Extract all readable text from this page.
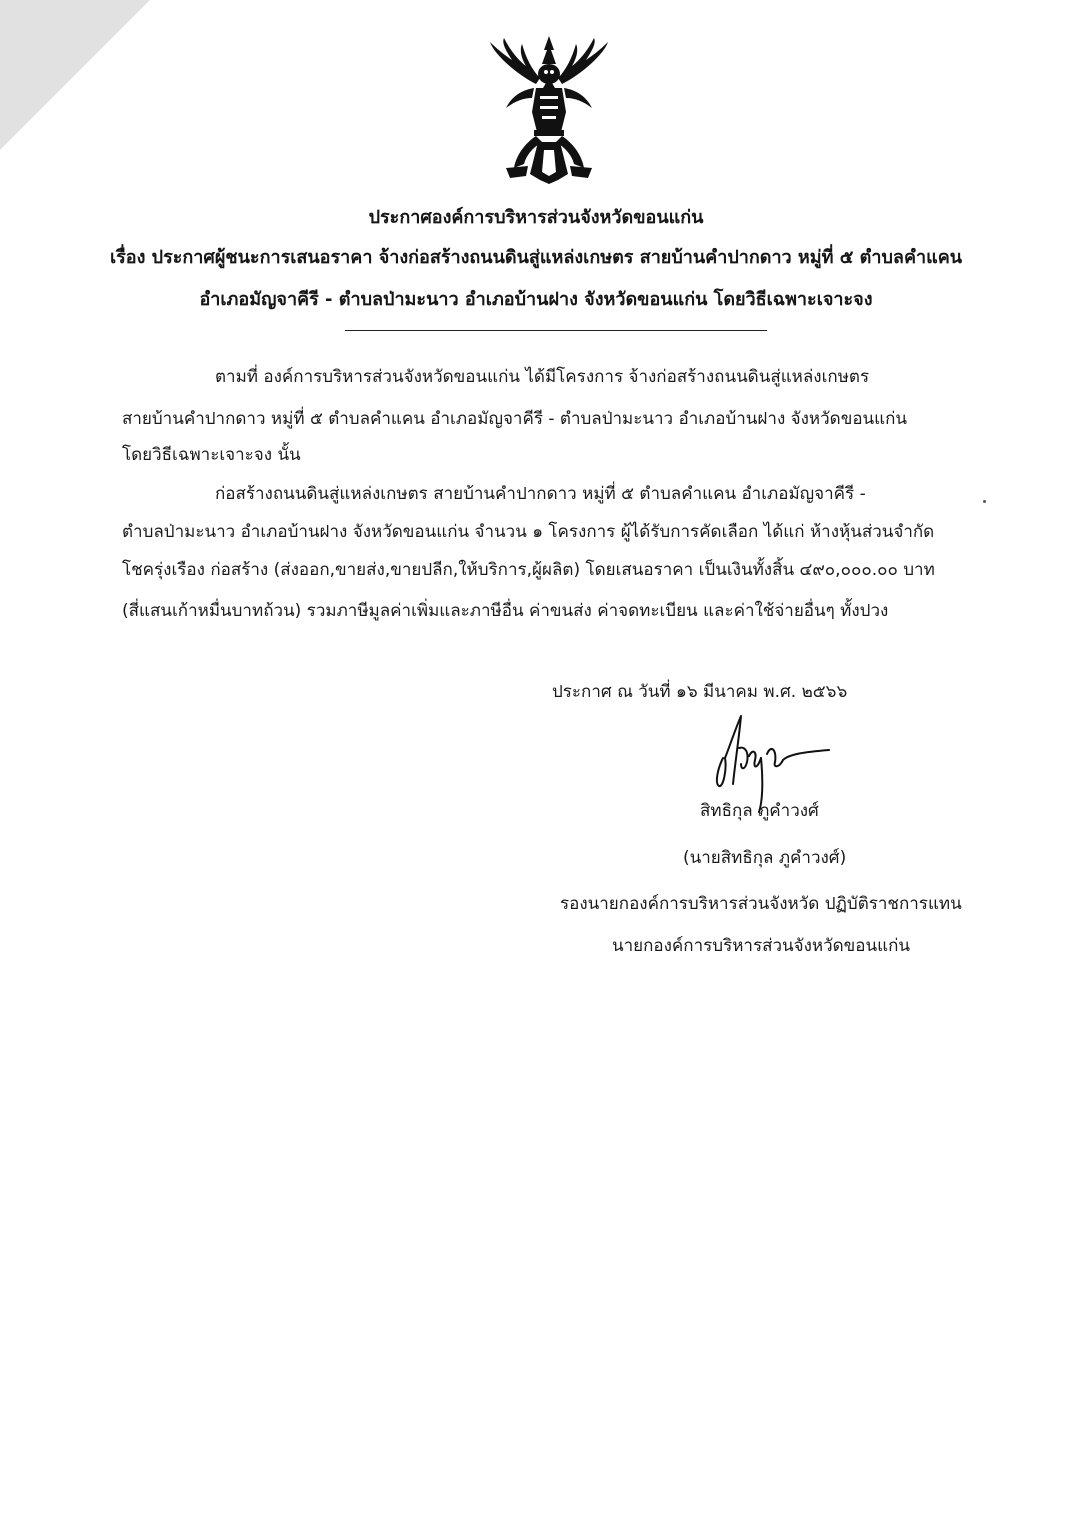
ประกาศองค์การบริหารส่วนจังหวัดขอนแก่น
เรื่อง ประกาศผู้ชนะการเสนอราคา จ้างก่อสร้างถนนดินสู่แหล่งเกษตร สายบ้านคำปากดาว หมู่ที่ ๕ ตำบลคำแคน
อำเภอมัญจาคีรี - ตำบลป่ามะนาว อำเภอบ้านฝาง จังหวัดขอนแก่น โดยวิธีเฉพาะเจาะจง
ตามที่ องค์การบริหารส่วนจังหวัดขอนแก่น ได้มีโครงการ จ้างก่อสร้างถนนดินสู่แหล่งเกษตร
สายบ้านคำปากดาว หมู่ที่ ๕ ตำบลคำแคน อำเภอมัญจาคีรี - ตำบลป่ามะนาว อำเภอบ้านฝาง จังหวัดขอนแก่น
โดยวิธีเฉพาะเจาะจง นั้น
ก่อสร้างถนนดินสู่แหล่งเกษตร สายบ้านคำปากดาว หมู่ที่ ๕ ตำบลคำแคน อำเภอมัญจาคีรี -
ตำบลป่ามะนาว อำเภอบ้านฝาง จังหวัดขอนแก่น จำนวน ๑ โครงการ ผู้ได้รับการคัดเลือก ได้แก่ ห้างหุ้นส่วนจำกัด
โชครุ่งเรือง ก่อสร้าง (ส่งออก,ขายส่ง,ขายปลีก,ให้บริการ,ผู้ผลิต) โดยเสนอราคา เป็นเงินทั้งสิ้น ๔๙๐,๐๐๐.๐๐ บาท
(สี่แสนเก้าหมื่นบาทถ้วน) รวมภาษีมูลค่าเพิ่มและภาษีอื่น ค่าขนส่ง ค่าจดทะเบียน และค่าใช้จ่ายอื่นๆ ทั้งปวง
ประกาศ ณ วันที่ ๑๖ มีนาคม พ.ศ. ๒๕๖๖
สิทธิกุล ภูคำวงศ์
(นายสิทธิกุล ภูคำวงศ์)
รองนายกองค์การบริหารส่วนจังหวัด ปฏิบัติราชการแทน
นายกองค์การบริหารส่วนจังหวัดขอนแก่น
